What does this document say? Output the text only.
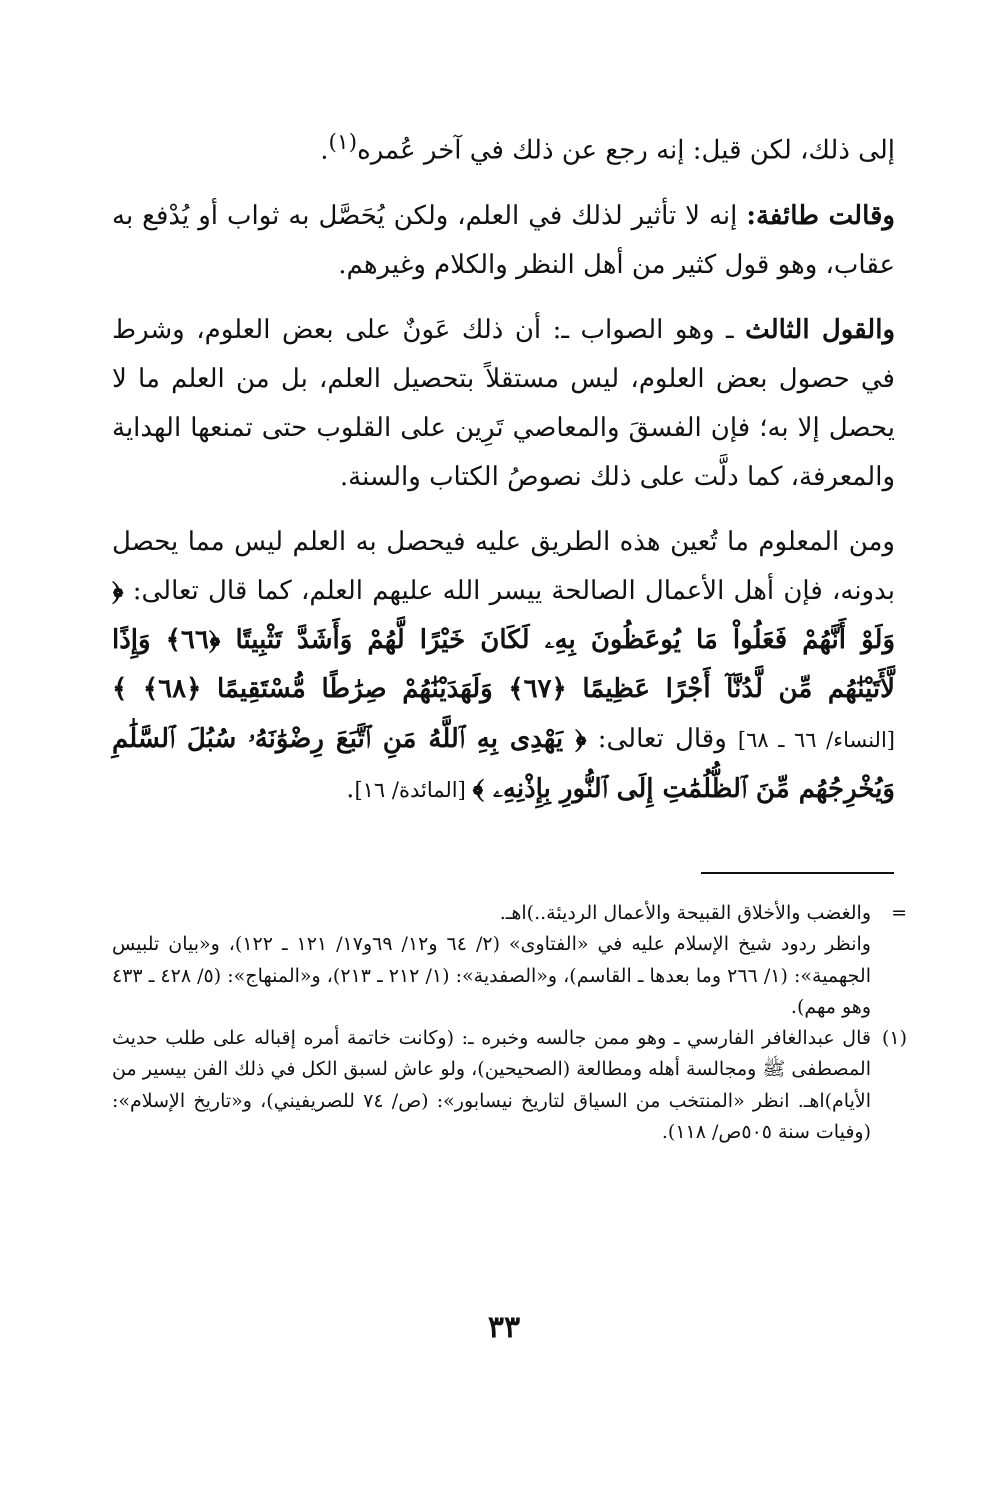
إلى ذلك، لكن قيل: إنه رجع عن ذلك في آخر عُمره$^{(١)}$.

وقالت طائفة: إنه لا تأثير لذلك في العلم، ولكن يُحَصَّل به ثواب أو يُدْفع به عقاب، وهو قول كثير من أهل النظر والكلام وغيرهم.

والقول الثالث ـ وهو الصواب ـ: أن ذلك عَونٌ على بعض العلوم، وشرط في حصول بعض العلوم، ليس مستقلاً بتحصيل العلم، بل من العلم ما لا يحصل إلا به؛ فإن الفسقَ والمعاصي تَرِين على القلوب حتى تمنعها الهداية والمعرفة، كما دلَّت على ذلك نصوصُ الكتاب والسنة.

ومن المعلوم ما تُعين هذه الطريق عليه فيحصل به العلم ليس مما يحصل بدونه، فإن أهل الأعمال الصالحة ييسر الله عليهم العلم، كما قال تعالى: ﴿ وَلَوْ أَنَّهُمْ فَعَلُواْ مَا يُوعَظُونَ بِهِۦ لَكَانَ خَيْرًا لَّهُمْ وَأَشَدَّ تَثْبِيتًا ﴿٦٦﴾ وَإِذًا لَّأَتَيْنَٰهُم مِّن لَّدُنَّآ أَجْرًا عَظِيمًا ﴿٦٧﴾ وَلَهَدَيْنَٰهُمْ صِرَٰطًا مُّسْتَقِيمًا ﴿٦٨﴾ ﴾ [النساء/ ٦٦ ـ ٦٨] وقال تعالى: ﴿ يَهْدِى بِهِ ٱللَّهُ مَنِ ٱتَّبَعَ رِضْوَٰنَهُۥ سُبُلَ ٱلسَّلَٰمِ وَيُخْرِجُهُم مِّنَ ٱلظُّلُمَٰتِ إِلَى ٱلنُّورِ بِإِذْنِهِۦ ﴾ [المائدة/ ١٦].

=

والغضب والأخلاق القبيحة والأعمال الرديئة..)اهـ.

وانظر ردود شيخ الإسلام عليه في «الفتاوى» (٢/ ٦٤ و١٢/ ٦٩و١٧/ ١٢١ ـ ١٢٢)، و«بيان تلبيس الجهمية»: (١/ ٢٦٦ وما بعدها ـ القاسم)، و«الصفدية»: (١/ ٢١٢ ـ ٢١٣)، و«المنهاج»: (٥/ ٤٢٨ ـ ٤٣٣ وهو مهم).

(١)

قال عبدالغافر الفارسي ـ وهو ممن جالسه وخبره ـ: (وكانت خاتمة أمره إقباله على طلب حديث المصطفى ﷺ ومجالسة أهله ومطالعة (الصحيحين)، ولو عاش لسبق الكل في ذلك الفن بيسير من الأيام)اهـ. انظر «المنتخب من السياق لتاريخ نيسابور»: (ص/ ٧٤ للصريفيني)، و«تاريخ الإسلام»: (وفيات سنة ٥٠٥ص/ ١١٨).

٣٣
